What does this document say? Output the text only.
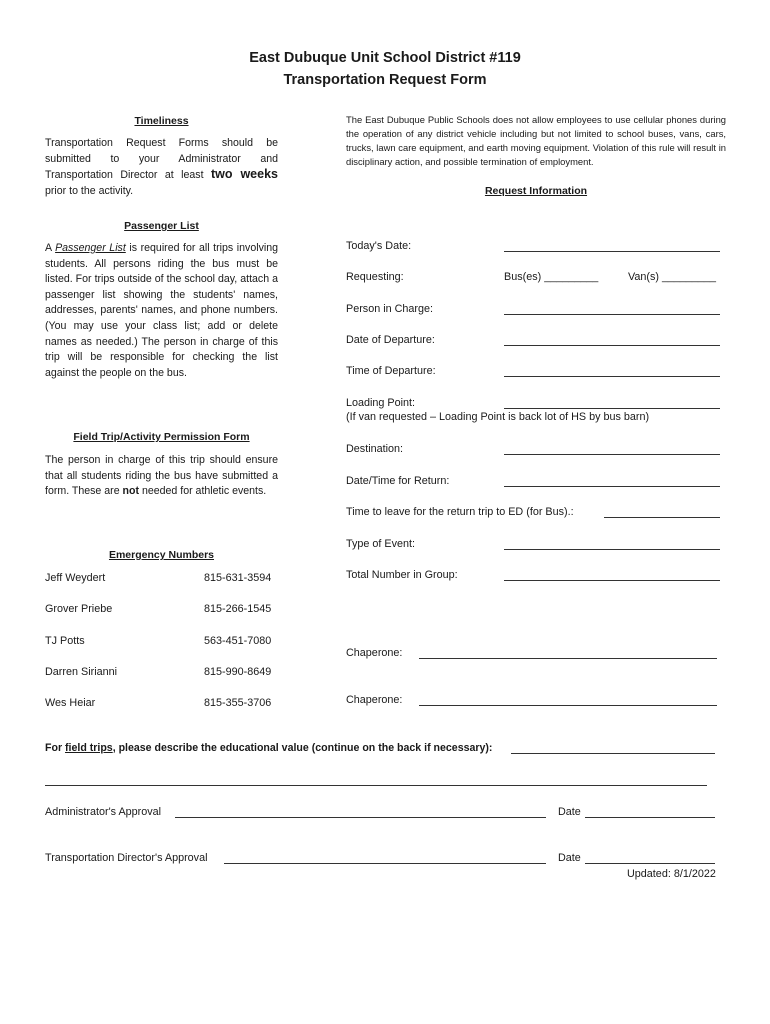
East Dubuque Unit School District #119
Transportation Request Form
Timeliness
Transportation Request Forms should be submitted to your Administrator and Transportation Director at least two weeks prior to the activity.
Passenger List
A Passenger List is required for all trips involving students. All persons riding the bus must be listed. For trips outside of the school day, attach a passenger list showing the students' names, addresses, parents' names, and phone numbers. (You may use your class list; add or delete names as needed.) The person in charge of this trip will be responsible for checking the list against the people on the bus.
Field Trip/Activity Permission Form
The person in charge of this trip should ensure that all students riding the bus have submitted a form. These are not needed for athletic events.
Emergency Numbers
Jeff Weydert	815-631-3594
Grover Priebe	815-266-1545
TJ Potts	563-451-7080
Darren Sirianni	815-990-8649
Wes Heiar	815-355-3706
The East Dubuque Public Schools does not allow employees to use cellular phones during the operation of any district vehicle including but not limited to school buses, vans, cars, trucks, lawn care equipment, and earth moving equipment. Violation of this rule will result in disciplinary action, and possible termination of employment.
Request Information
Today's Date:
Requesting:	Bus(es) _________	Van(s) _________
Person in Charge:
Date of Departure:
Time of Departure:
Loading Point:
(If van requested – Loading Point is back lot of HS by bus barn)
Destination:
Date/Time for Return:
Time to leave for the return trip to ED (for Bus).:
Type of Event:
Total Number in Group:
Chaperone:
Chaperone:
For field trips, please describe the educational value (continue on the back if necessary):
Administrator's Approval	Date
Transportation Director's Approval	Date
Updated: 8/1/2022
